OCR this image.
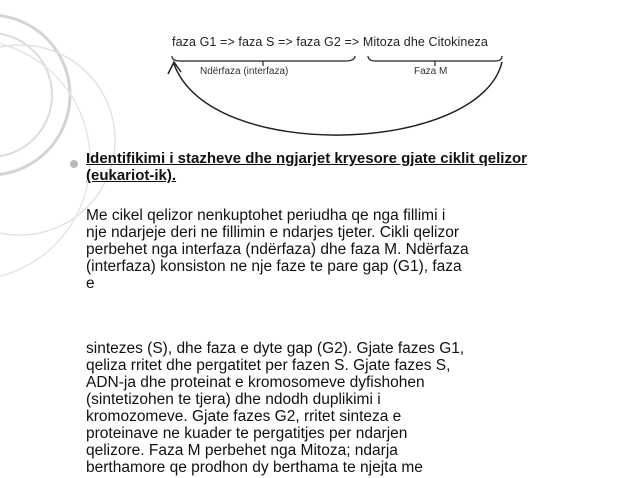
faza G1 => faza S => faza G2 => Mitoza dhe Citokineza
Ndërfaza (interfaza)	Faza M
Identifikimi i stazheve dhe ngjarjet kryesore gjate ciklit qelizor (eukariot-ik).
Me cikel qelizor nenkuptohet periudha qe nga fillimi i
nje ndarjeje deri ne fillimin e ndarjes tjeter. Cikli qelizor
perbehet nga interfaza (ndërfaza) dhe faza M. Ndërfaza
(interfaza) konsiston ne nje faze te pare gap (G1), faza
e
sintezes (S), dhe faza e dyte gap (G2). Gjate fazes G1,
qeliza rritet dhe pergatitet per fazen S. Gjate fazes S,
ADN-ja dhe proteinat e kromosomeve dyfishohen
(sintetizohen te tjera) dhe ndodh duplikimi i
kromozomeve. Gjate fazes G2, rritet sinteza e
proteinave ne kuader te pergatitjes per ndarjen
qelizore. Faza M perbehet nga Mitoza; ndarja
berthamore qe prodhon dy berthama te njejta me
